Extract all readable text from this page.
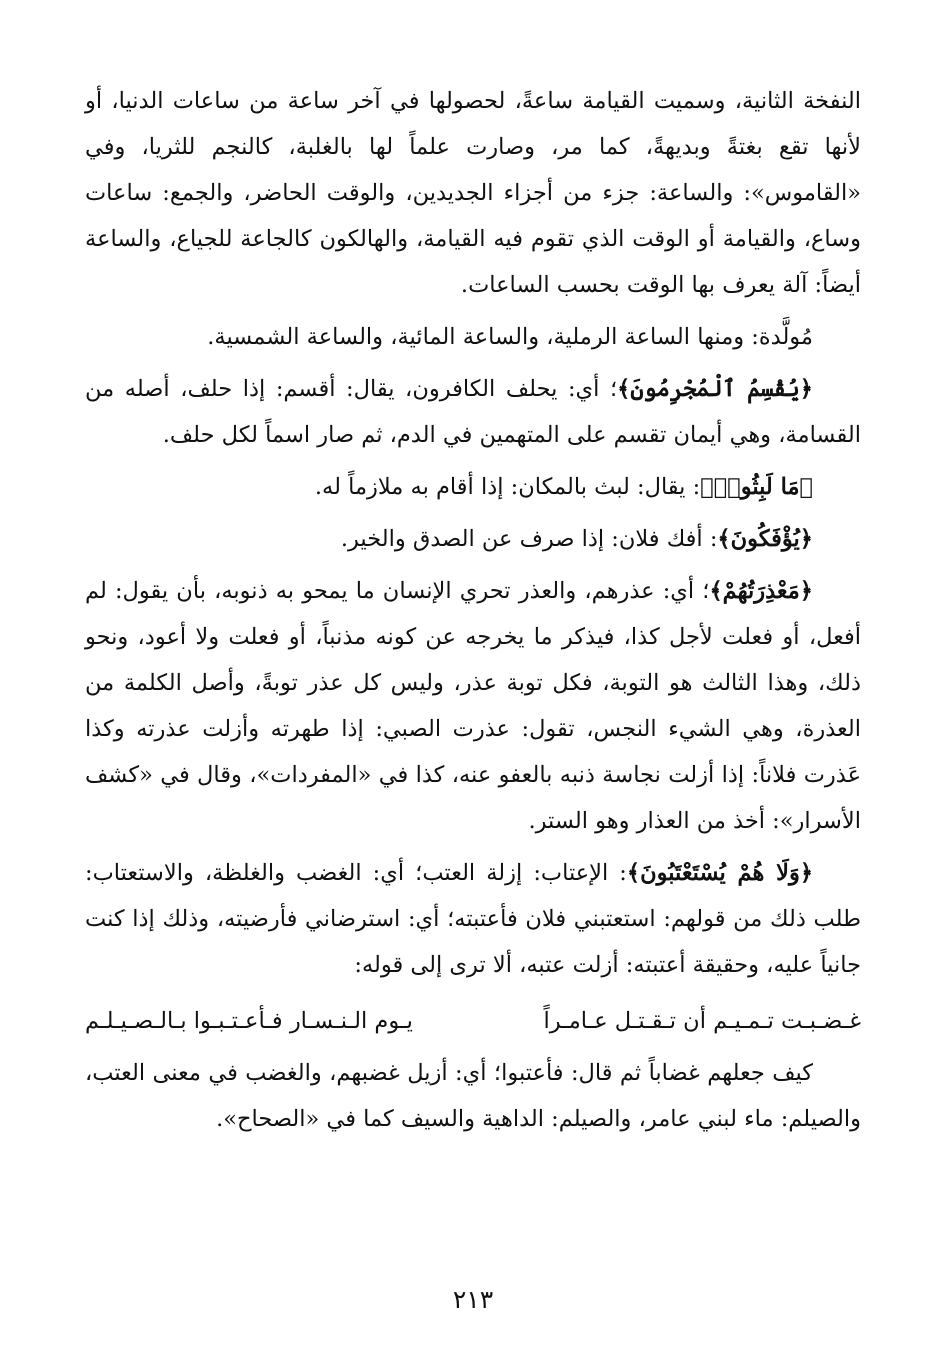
النفخة الثانية، وسميت القيامة ساعةً، لحصولها في آخر ساعة من ساعات الدنيا، أو لأنها تقع بغتةً وبديهةً، كما مر، وصارت علماً لها بالغلبة، كالنجم للثريا، وفي «القاموس»: والساعة: جزء من أجزاء الجديدين، والوقت الحاضر، والجمع: ساعات وساع، والقيامة أو الوقت الذي تقوم فيه القيامة، والهالكون كالجاعة للجياع، والساعة أيضاً: آلة يعرف بها الوقت بحسب الساعات.

مُولَّدة: ومنها الساعة الرملية، والساعة المائية، والساعة الشمسية.

﴿يُقْسِمُ ٱلْمُجْرِمُونَ﴾؛ أي: يحلف الكافرون، يقال: أقسم: إذا حلف، أصله من القسامة، وهي أيمان تقسم على المتهمين في الدم، ثم صار اسماً لكل حلف.

﴿مَا لَبِثُوا۟﴾: يقال: لبث بالمكان: إذا أقام به ملازماً له.

﴿يُؤْفَكُونَ﴾: أفك فلان: إذا صرف عن الصدق والخير.

﴿مَعْذِرَتُهُمْ﴾؛ أي: عذرهم، والعذر تحري الإنسان ما يمحو به ذنوبه، بأن يقول: لم أفعل، أو فعلت لأجل كذا، فيذكر ما يخرجه عن كونه مذنباً، أو فعلت ولا أعود، ونحو ذلك، وهذا الثالث هو التوبة، فكل توبة عذر، وليس كل عذر توبةً، وأصل الكلمة من العذرة، وهي الشيء النجس، تقول: عذرت الصبي: إذا طهرته وأزلت عذرته وكذا عَذرت فلاناً: إذا أزلت نجاسة ذنبه بالعفو عنه، كذا في «المفردات»، وقال في «كشف الأسرار»: أخذ من العذار وهو الستر.

﴿وَلَا هُمْ يُسْتَعْتَبُونَ﴾: الإعتاب: إزلة العتب؛ أي: الغضب والغلظة، والاستعتاب: طلب ذلك من قولهم: استعتبني فلان فأعتبته؛ أي: استرضاني فأرضيته، وذلك إذا كنت جانياً عليه، وحقيقة أعتبته: أزلت عتبه، ألا ترى إلى قوله:

غـضـبـت تـمـيـم أن تـقـتـل عـامـراً
يـوم الـنـسـار فـأعـتـبـوا بـالـصـيـلـم

كيف جعلهم غضاباً ثم قال: فأعتبوا؛ أي: أزيل غضبهم، والغضب في معنى العتب، والصيلم: ماء لبني عامر، والصيلم: الداهية والسيف كما في «الصحاح».

٢١٣
